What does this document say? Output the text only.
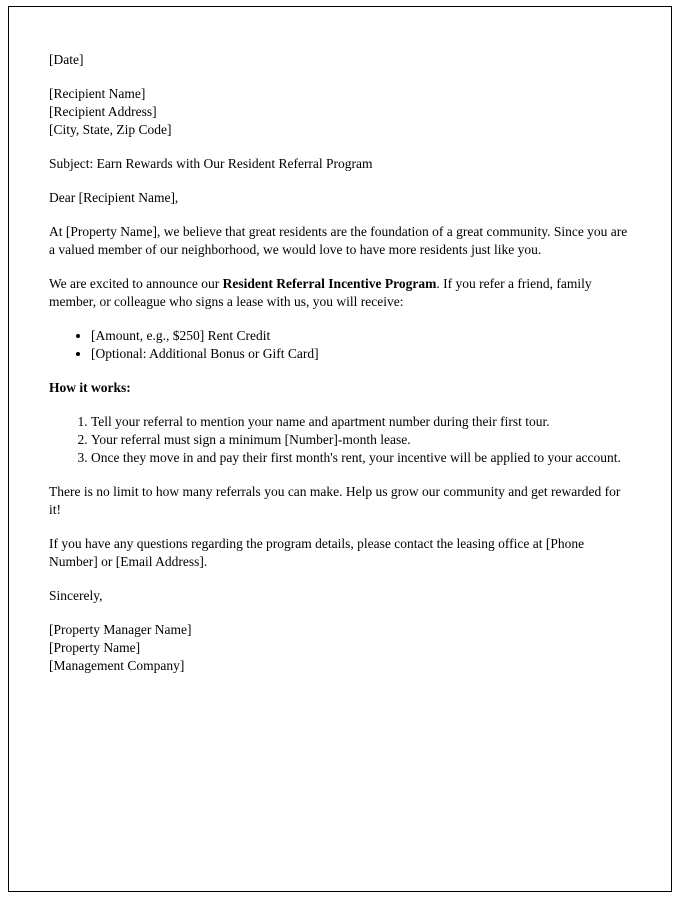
[Date]

[Recipient Name]

[Recipient Address]

[City, State, Zip Code]

Subject: Earn Rewards with Our Resident Referral Program

Dear [Recipient Name],

At [Property Name], we believe that great residents are the foundation of a great community. Since you are a valued member of our neighborhood, we would love to have more residents just like you.

We are excited to announce our Resident Referral Incentive Program. If you refer a friend, family member, or colleague who signs a lease with us, you will receive:

• [Amount, e.g., $250] Rent Credit
• [Optional: Additional Bonus or Gift Card]

How it works:

1. Tell your referral to mention your name and apartment number during their first tour.
2. Your referral must sign a minimum [Number]-month lease.
3. Once they move in and pay their first month's rent, your incentive will be applied to your account.

There is no limit to how many referrals you can make. Help us grow our community and get rewarded for it!

If you have any questions regarding the program details, please contact the leasing office at [Phone Number] or [Email Address].

Sincerely,

[Property Manager Name]

[Property Name]

[Management Company]
